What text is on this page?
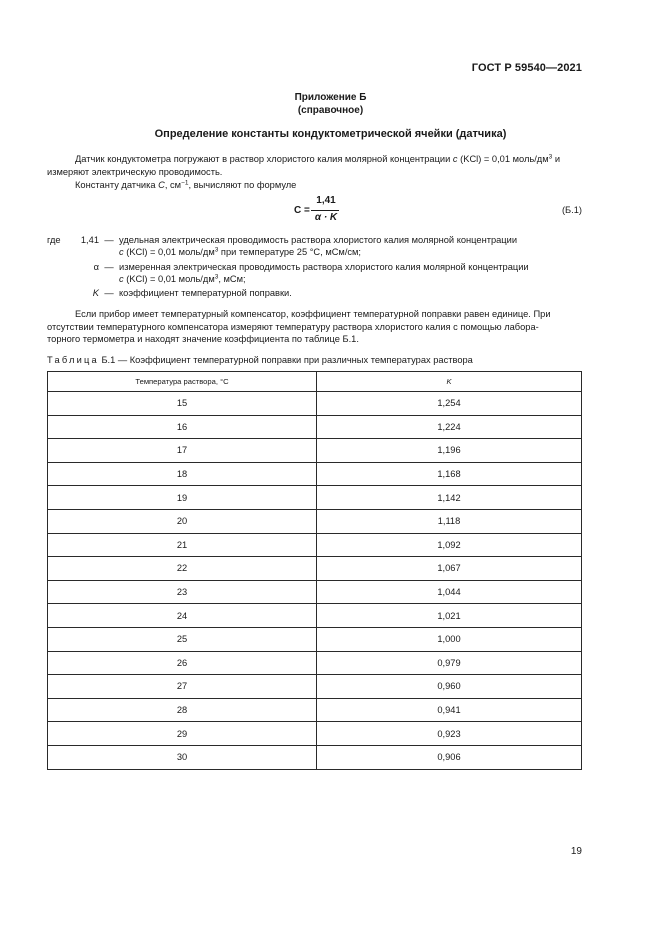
ГОСТ Р 59540—2021
Приложение Б
(справочное)
Определение константы кондуктометрической ячейки (датчика)
Датчик кондуктометра погружают в раствор хлористого калия молярной концентрации c (KCl) = 0,01 моль/$дм^3$ и измеряют электрическую проводимость.
Константу датчика C, $см^{-1}$, вычисляют по формуле
C =
1,41
α · K
(Б.1)
где	1,41 — удельная электрическая проводимость раствора хлористого калия молярной концентрации
c (KCl) = 0,01 моль/$дм^3$ при температуре 25 °С, мСм/см;
α — измеренная электрическая проводимость раствора хлористого калия молярной концентрации
c (KCl) = 0,01 моль/$дм^3$, мСм;
K — коэффициент температурной поправки.
Если прибор имеет температурный компенсатор, коэффициент температурной поправки равен единице. При
отсутствии температурного компенсатора измеряют температуру раствора хлористого калия с помощью лабора-
торного термометра и находят значение коэффициента по таблице Б.1.
Таблица Б.1 — Коэффициент температурной поправки при различных температурах раствора
Температура раствора, °С	K
15	1,254
16	1,224
17	1,196
18	1,168
19	1,142
20	1,118
21	1,092
22	1,067
23	1,044
24	1,021
25	1,000
26	0,979
27	0,960
28	0,941
29	0,923
30	0,906
19
